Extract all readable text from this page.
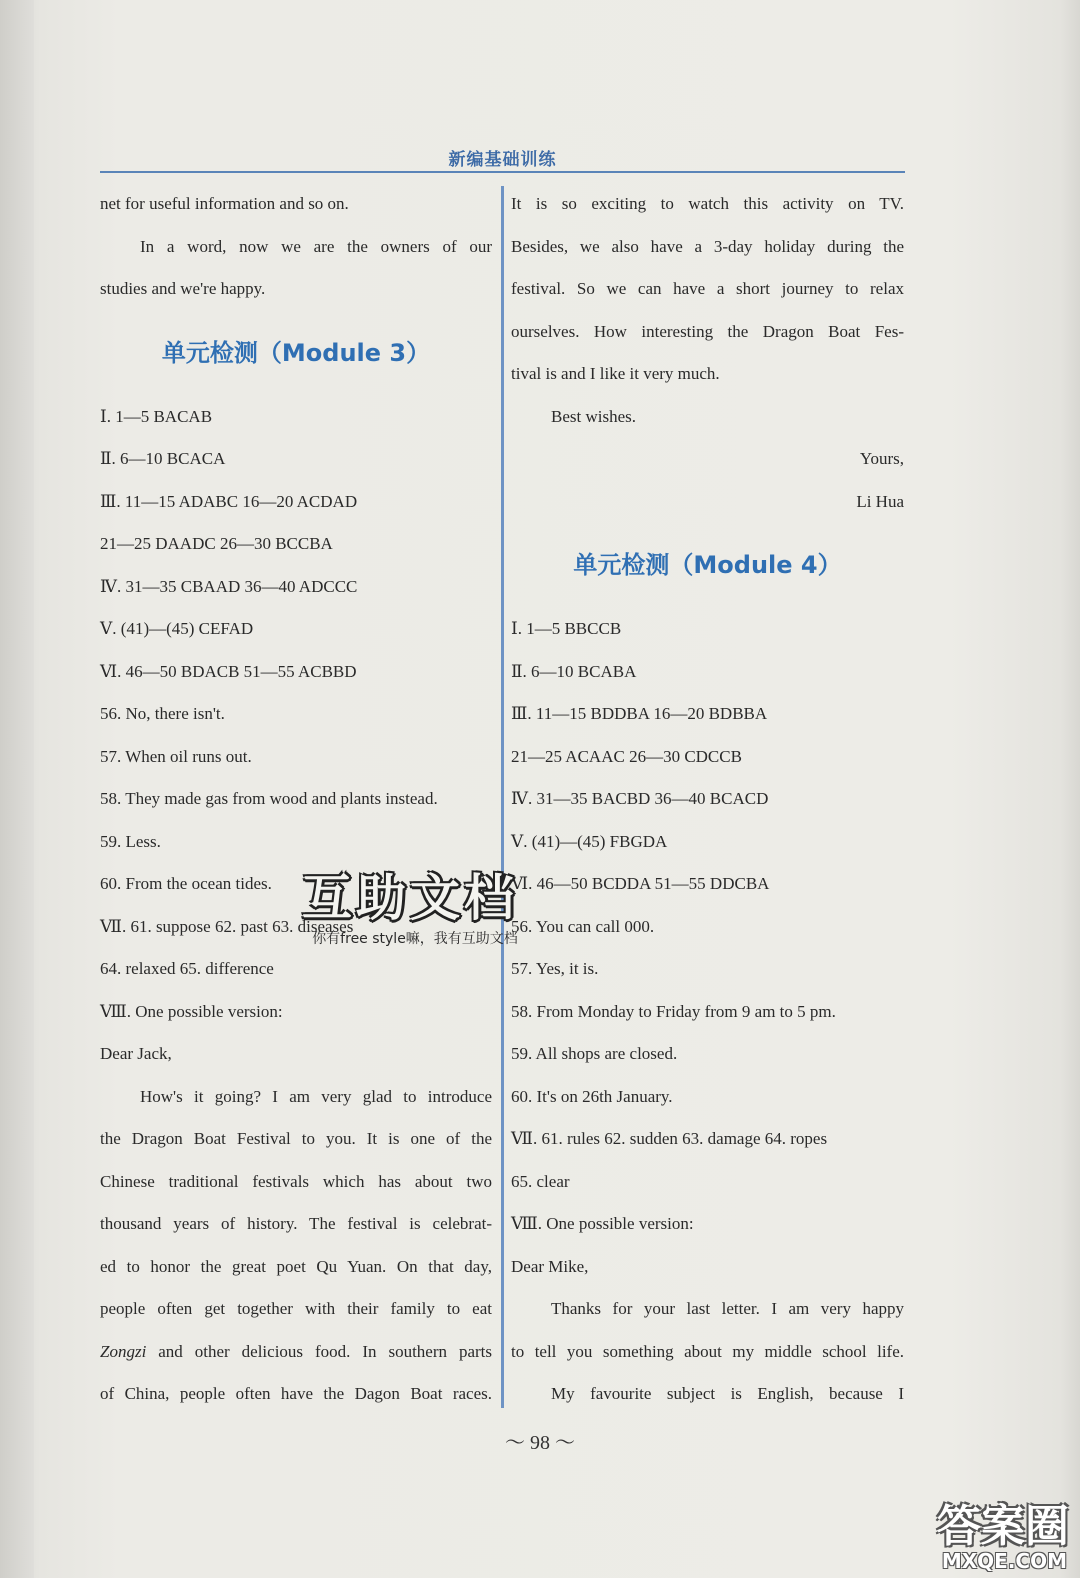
新编基础训练
net for useful information and so on.
In a word, now we are the owners of our
studies and we're happy.
单元检测（Module 3）
Ⅰ. 1—5 BACAB
Ⅱ. 6—10 BCACA
Ⅲ. 11—15 ADABC 16—20 ACDAD
21—25 DAADC 26—30 BCCBA
Ⅳ. 31—35 CBAAD 36—40 ADCCC
Ⅴ. (41)—(45) CEFAD
Ⅵ. 46—50 BDACB 51—55 ACBBD
56. No, there isn't.
57. When oil runs out.
58. They made gas from wood and plants instead.
59. Less.
60. From the ocean tides.
Ⅶ. 61. suppose 62. past 63. diseases
64. relaxed 65. difference
Ⅷ. One possible version:
Dear Jack,
How's it going? I am very glad to introduce
the Dragon Boat Festival to you. It is one of the
Chinese traditional festivals which has about two
thousand years of history. The festival is celebrat-
ed to honor the great poet Qu Yuan. On that day,
people often get together with their family to eat
Zongzi and other delicious food. In southern parts
of China, people often have the Dagon Boat races.
It is so exciting to watch this activity on TV.
Besides, we also have a 3-day holiday during the
festival. So we can have a short journey to relax
ourselves. How interesting the Dragon Boat Fes-
tival is and I like it very much.
Best wishes.
Yours,
Li Hua
单元检测（Module 4）
Ⅰ. 1—5 BBCCB
Ⅱ. 6—10 BCABA
Ⅲ. 11—15 BDDBA 16—20 BDBBA
21—25 ACAAC 26—30 CDCCB
Ⅳ. 31—35 BACBD 36—40 BCACD
Ⅴ. (41)—(45) FBGDA
Ⅵ. 46—50 BCDDA 51—55 DDCBA
56. You can call 000.
57. Yes, it is.
58. From Monday to Friday from 9 am to 5 pm.
59. All shops are closed.
60. It's on 26th January.
Ⅶ. 61. rules 62. sudden 63. damage 64. ropes
65. clear
Ⅷ. One possible version:
Dear Mike,
Thanks for your last letter. I am very happy
to tell you something about my middle school life.
My favourite subject is English, because I
互助文档
你有free style嘛，我有互助文档
～ 98 ～
答案圈
MXQE.COM
